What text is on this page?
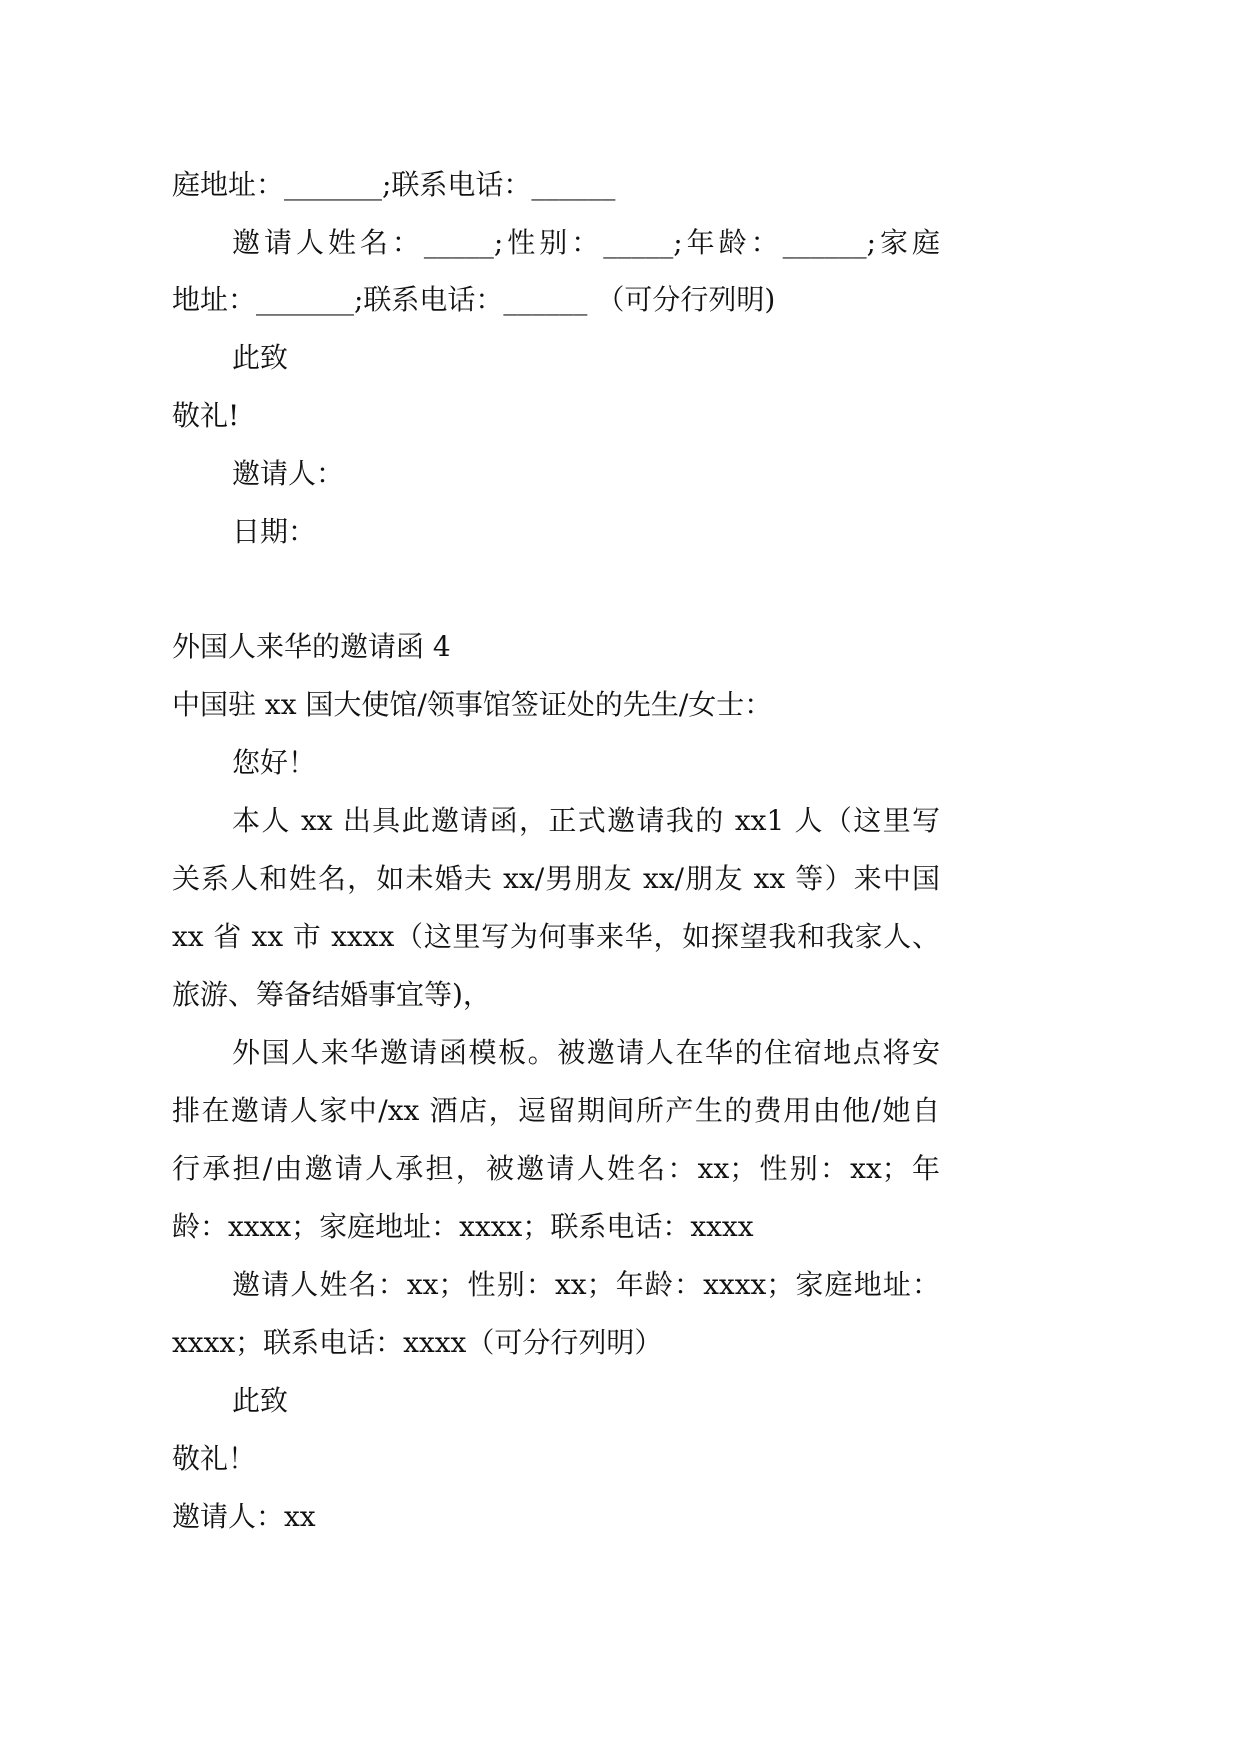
庭地址：_______;联系电话：______
邀请人姓名：_____;性别：_____;年龄：______;家庭
地址：_______;联系电话：______ （可分行列明)
此致
敬礼!
邀请人：
日期：
外国人来华的邀请函 4
中国驻 xx 国大使馆/领事馆签证处的先生/女士：
您好！
本人 xx 出具此邀请函，正式邀请我的 xx1 人（这里写
关系人和姓名，如未婚夫 xx/男朋友 xx/朋友 xx 等）来中国
xx 省 xx 市 xxxx（这里写为何事来华，如探望我和我家人、
旅游、筹备结婚事宜等)，
外国人来华邀请函模板。被邀请人在华的住宿地点将安
排在邀请人家中/xx 酒店，逗留期间所产生的费用由他/她自
行承担/由邀请人承担，被邀请人姓名：xx；性别：xx；年
龄：xxxx；家庭地址：xxxx；联系电话：xxxx
邀请人姓名：xx；性别：xx；年龄：xxxx；家庭地址：
xxxx；联系电话：xxxx（可分行列明）
此致
敬礼！
邀请人：xx
